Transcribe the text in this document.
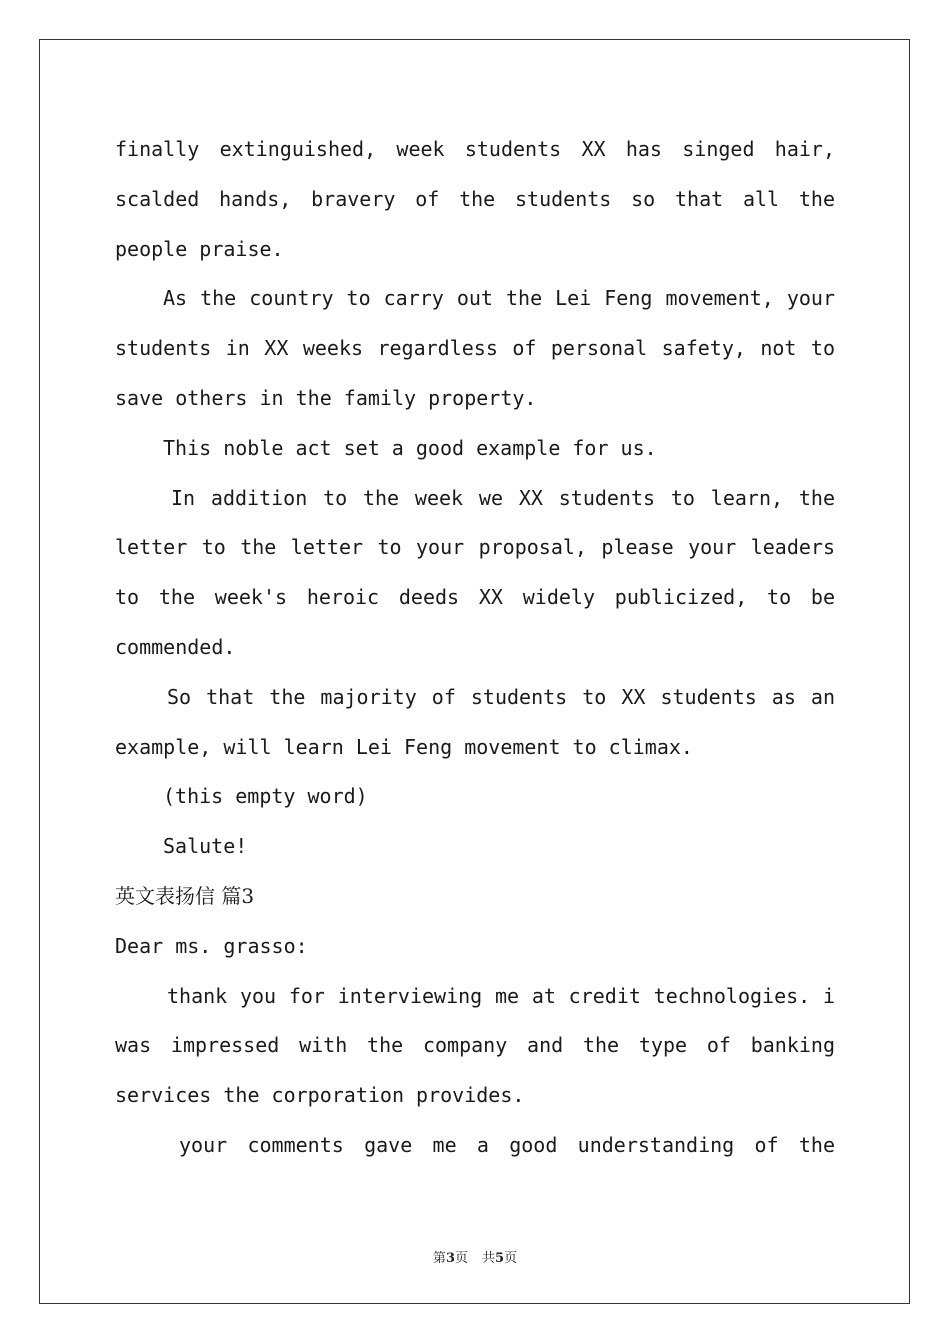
finally extinguished, week students XX has singed hair,
scalded hands, bravery of the students so that all the
people praise.
As the country to carry out the Lei Feng movement, your
students in XX weeks regardless of personal safety, not to
save others in the family property.
This noble act set a good example for us.
In addition to the week we XX students to learn, the
letter to the letter to your proposal, please your leaders
to the week's heroic deeds XX widely publicized, to be
commended.
So that the majority of students to XX students as an
example, will learn Lei Feng movement to climax.
(this empty word)
Salute!
英文表扬信 篇3
Dear ms. grasso:
thank you for interviewing me at credit technologies. i
was impressed with the company and the type of banking
services the corporation provides.
your comments gave me a good understanding of the
第3页 共5页
